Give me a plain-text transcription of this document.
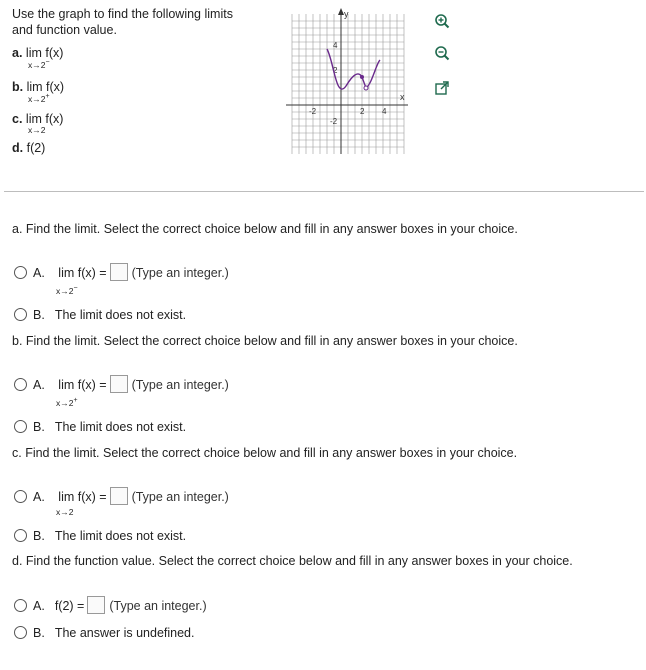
Use the graph to find the following limits
and function value.
a. lim f(x)
x→2−
b. lim f(x)
x→2+
c. lim f(x)
x→2
d. f(2)
y
x
4
2
-2
-2	2 4
a. Find the limit. Select the correct choice below and fill in any answer boxes in your choice.
A. lim f(x) = (Type an integer.)
x→2−
B. The limit does not exist.
b. Find the limit. Select the correct choice below and fill in any answer boxes in your choice.
A. lim f(x) = (Type an integer.)
x→2+
B. The limit does not exist.
c. Find the limit. Select the correct choice below and fill in any answer boxes in your choice.
A. lim f(x) = (Type an integer.)
x→2
B. The limit does not exist.
d. Find the function value. Select the correct choice below and fill in any answer boxes in your choice.
A. f(2) = (Type an integer.)
B. The answer is undefined.
